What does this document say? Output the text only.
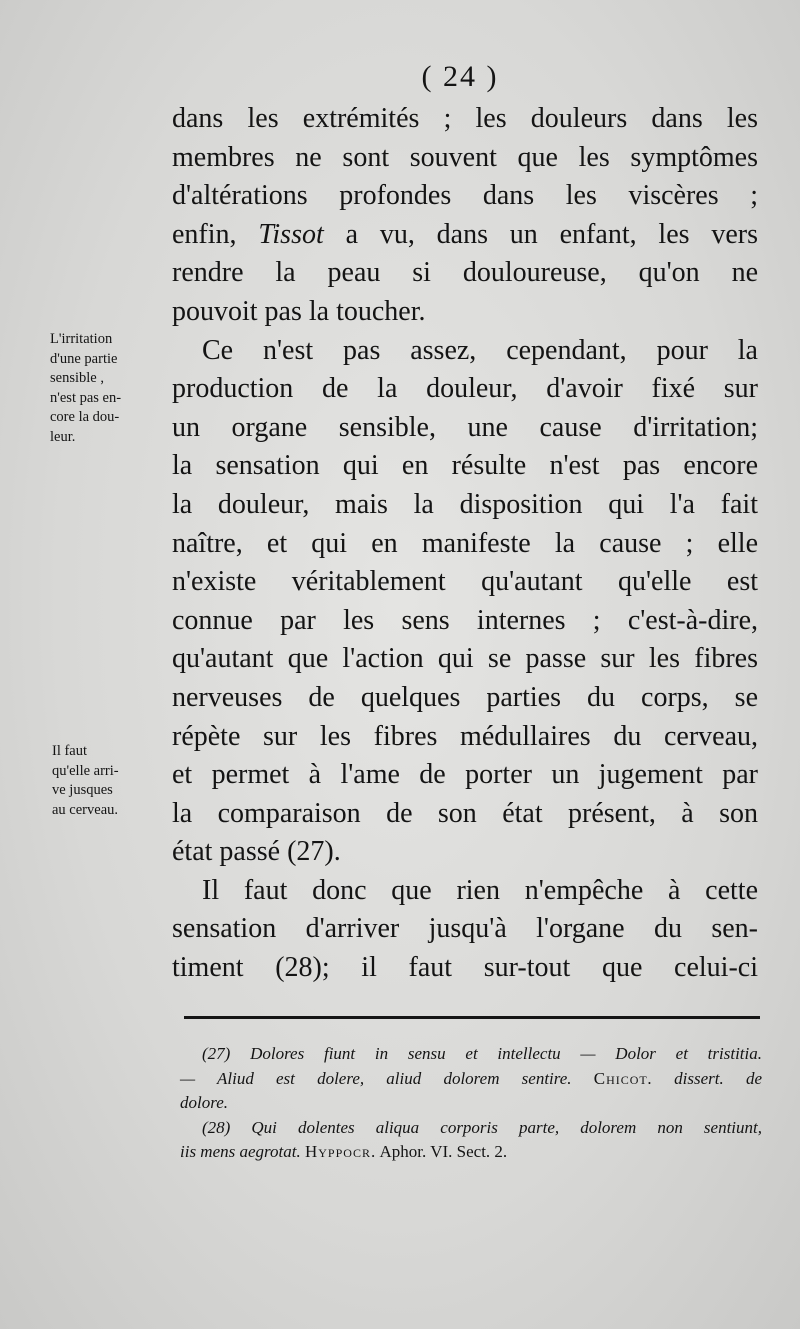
( 24 )
dans les extrémités ; les douleurs dans les
membres ne sont souvent que les symptômes
d'altérations profondes dans les viscères ;
enfin, Tissot a vu, dans un enfant, les vers
rendre la peau si douloureuse, qu'on ne
pouvoit pas la toucher.
Ce n'est pas assez, cependant, pour la
production de la douleur, d'avoir fixé sur
un organe sensible, une cause d'irritation;
la sensation qui en résulte n'est pas encore
la douleur, mais la disposition qui l'a fait
naître, et qui en manifeste la cause ; elle
n'existe véritablement qu'autant qu'elle est
connue par les sens internes ; c'est-à-dire,
qu'autant que l'action qui se passe sur les fibres
nerveuses de quelques parties du corps, se
répète sur les fibres médullaires du cerveau,
et permet à l'ame de porter un jugement par
la comparaison de son état présent, à son
état passé (27).
Il faut donc que rien n'empêche à cette
sensation d'arriver jusqu'à l'organe du sen-
timent (28); il faut sur-tout que celui-ci
L'irritation
d'une partie
sensible ,
n'est pas en-
core la dou-
leur.
Il faut
qu'elle arri-
ve jusques
au cerveau.
(27) Dolores fiunt in sensu et intellectu — Dolor et tristitia.
— Aliud est dolere, aliud dolorem sentire. Chicot. dissert. de
dolore.
(28) Qui dolentes aliqua corporis parte, dolorem non sentiunt,
iis mens aegrotat. Hyppocr. Aphor. VI. Sect. 2.
